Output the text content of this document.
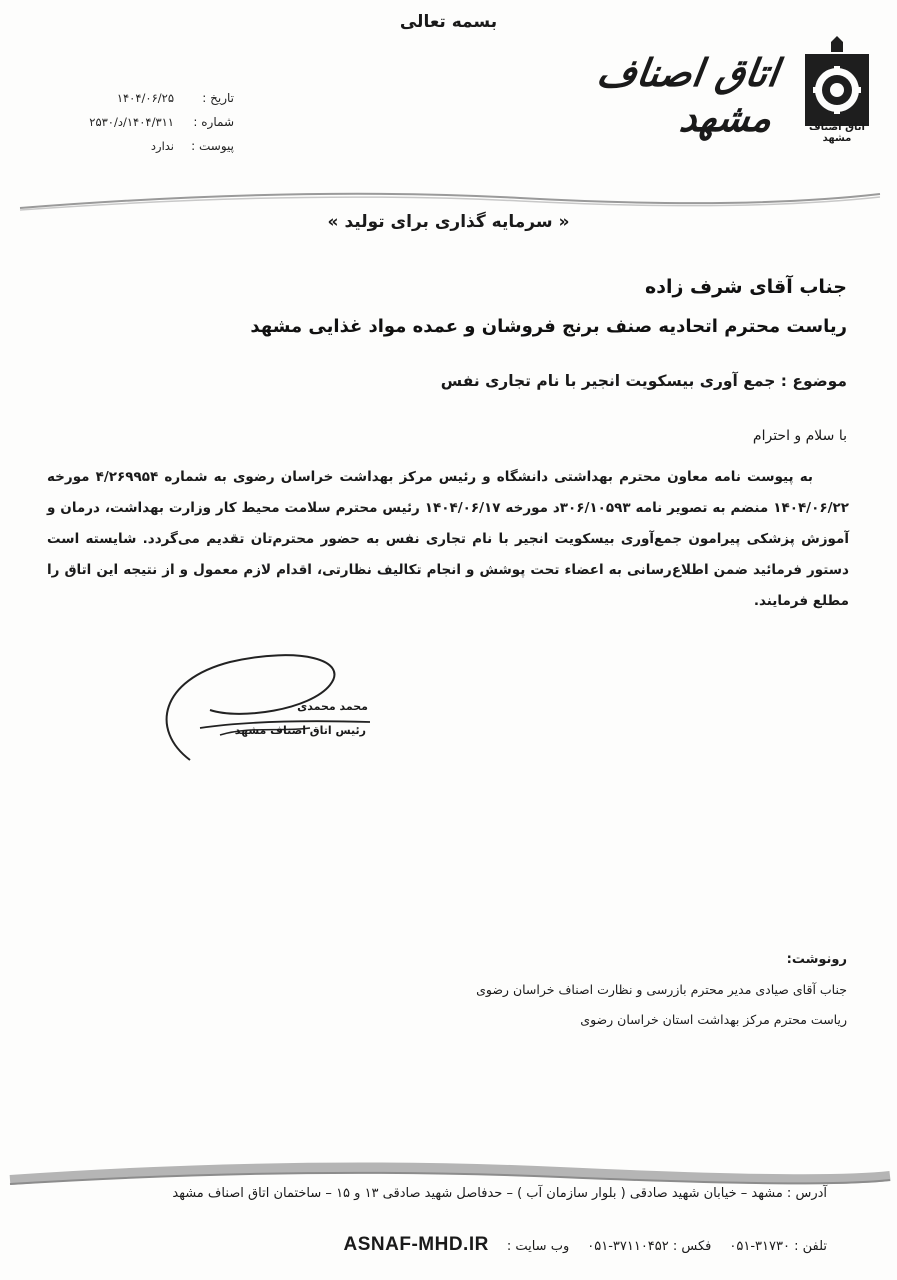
بسمه تعالی
اتاق اصناف مشهد
اتاق اصناف مشهد
تاریخ :
۱۴۰۴/۰۶/۲۵
شماره :
۱۴۰۴/۳۱۱/د/۲۵۳۰
پیوست :
ندارد
« سرمایه گذاری برای تولید »
جناب آقای شرف زاده
ریاست محترم اتحادیه صنف برنج فروشان و عمده مواد غذایی مشهد
موضوع : جمع آوری بیسکویت انجیر با نام تجاری نفس
با سلام و احترام

به پیوست نامه معاون محترم بهداشتی دانشگاه و رئیس مرکز بهداشت خراسان رضوی به شماره ۴/۲۶۹۹۵۴ مورخه ۱۴۰۴/۰۶/۲۲ منضم به تصویر نامه ۳۰۶/۱۰۵۹۳د مورخه ۱۴۰۴/۰۶/۱۷ رئیس محترم سلامت محیط کار وزارت بهداشت، درمان و آموزش پزشکی پیرامون جمع‌آوری بیسکویت انجیر با نام تجاری نفس به حضور محترم‌تان تقدیم می‌گردد. شایسته است دستور فرمائید ضمن اطلاع‌رسانی به اعضاء تحت پوشش و انجام تکالیف نظارتی، اقدام لازم معمول و از نتیجه این اتاق را مطلع فرمایند.

محمد محمدی
رئیس اتاق اصناف مشهد
رونوشت:
جناب آقای صیادی مدیر محترم بازرسی و نظارت اصناف خراسان رضوی
ریاست محترم مرکز بهداشت استان خراسان رضوی
آدرس : مشهد – خیابان شهید صادقی ( بلوار سازمان آب ) – حدفاصل شهید صادقی ۱۳ و ۱۵ – ساختمان اتاق اصناف مشهد
تلفن : ۳۱۷۳۰-۰۵۱
فکس : ۳۷۱۱۰۴۵۲-۰۵۱
وب سایت :
ASNAF-MHD.IR
